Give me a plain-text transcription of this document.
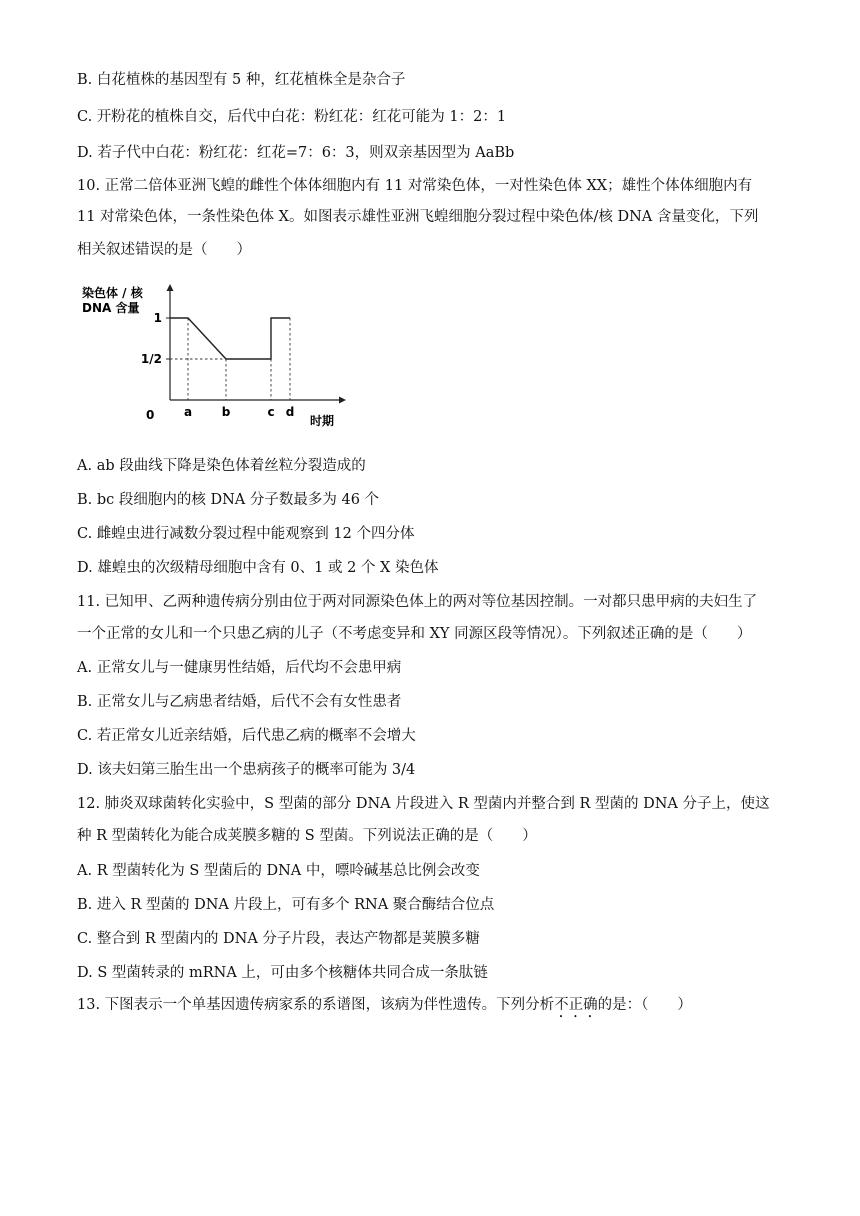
B. 白花植株的基因型有 5 种，红花植株全是杂合子
C. 开粉花的植株自交，后代中白花：粉红花：红花可能为 1：2：1
D. 若子代中白花：粉红花：红花=7：6：3，则双亲基因型为 AaBb
10. 正常二倍体亚洲飞蝗的雌性个体体细胞内有 11 对常染色体，一对性染色体 XX；雄性个体体细胞内有
11 对常染色体，一条性染色体 X。如图表示雄性亚洲飞蝗细胞分裂过程中染色体/核 DNA 含量变化，下列
相关叙述错误的是（　　）
染色体 / 核
DNA 含量
时期
0
1
1/2
a b	c d
A. ab 段曲线下降是染色体着丝粒分裂造成的
B. bc 段细胞内的核 DNA 分子数最多为 46 个
C. 雌蝗虫进行减数分裂过程中能观察到 12 个四分体
D. 雄蝗虫的次级精母细胞中含有 0、1 或 2 个 X 染色体
11. 已知甲、乙两种遗传病分别由位于两对同源染色体上的两对等位基因控制。一对都只患甲病的夫妇生了
一个正常的女儿和一个只患乙病的儿子（不考虑变异和 XY 同源区段等情况）。下列叙述正确的是（　　）
A. 正常女儿与一健康男性结婚，后代均不会患甲病
B. 正常女儿与乙病患者结婚，后代不会有女性患者
C. 若正常女儿近亲结婚，后代患乙病的概率不会增大
D. 该夫妇第三胎生出一个患病孩子的概率可能为 3/4
12. 肺炎双球菌转化实验中，S 型菌的部分 DNA 片段进入 R 型菌内并整合到 R 型菌的 DNA 分子上，使这
种 R 型菌转化为能合成荚膜多糖的 S 型菌。下列说法正确的是（　　）
A. R 型菌转化为 S 型菌后的 DNA 中，嘌呤碱基总比例会改变
B. 进入 R 型菌的 DNA 片段上，可有多个 RNA 聚合酶结合位点
C. 整合到 R 型菌内的 DNA 分子片段，表达产物都是荚膜多糖
D. S 型菌转录的 mRNA 上，可由多个核糖体共同合成一条肽链
13. 下图表示一个单基因遗传病家系的系谱图，该病为伴性遗传。下列分析不正确的是：（　　）
